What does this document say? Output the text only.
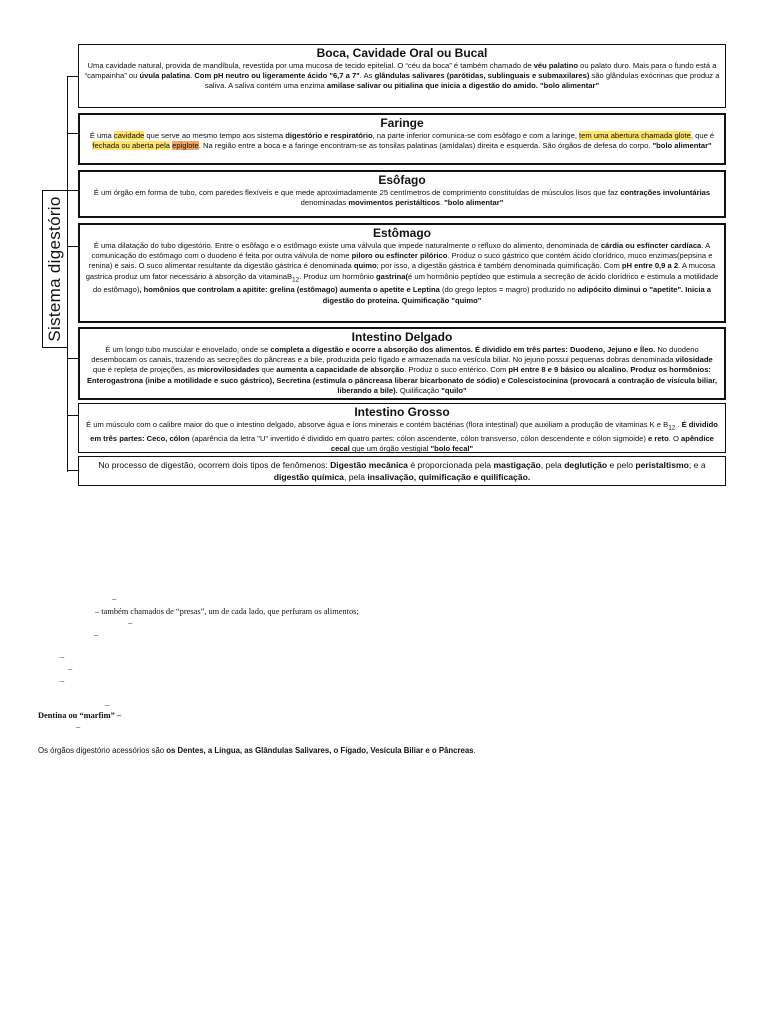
Sistema digestório
Boca, Cavidade Oral ou Bucal

Uma cavidade natural, provida de mandíbula, revestida por uma mucosa de tecido epitelial. O “céu da boca” é também chamado de véu palatino ou palato duro. Mais para o fundo está a “campainha” ou úvula palatina. Com pH neutro ou ligeramente ácido "6,7 a 7". As glândulas salivares (parótidas, sublinguais e submaxilares) são glândulas exócrinas que produz a saliva. A saliva contém uma enzima amilase salivar ou pitialina que inicia a digestão do amido. "bolo alimentar"

Faringe

É uma cavidade que serve ao mesmo tempo aos sistema digestório e respiratório, na parte inferior comunica-se com esôfago e com a laringe, tem uma abertura chamada glote, que é fechada ou aberta pela epiglote. Na região entre a boca e a faringe encontram-se as tonsilas palatinas (amídalas) direita e esquerda. São órgãos de defesa do corpo. "bolo alimentar"

Esôfago

É um órgão em forma de tubo, com paredes flexíveis e que mede aproximadamente 25 centímetros de comprimento constituídas de músculos lisos que faz contrações involuntárias denominadas movimentos peristálticos. "bolo alimentar"

Estômago

É uma dilatação do tubo digestório. Entre o esôfago e o estômago existe uma válvula que impede naturalmente o refluxo do alimento, denominada de cárdia ou esfíncter cardíaca. A comunicação do estômago com o duodeno é feita por outra válvula de nome piloro ou esfíncter pilórico. Produz o suco gástrico que contém ácido clorídrico, muco enzimas(pepsina e renina) e sais. O suco alimentar resultante da digestão gástrica é denominada quimo; por isso, a digestão gástrica é também denominada quimificação. Com pH entre 0,9 a 2. A mucosa gastrica produz um fator necessário à absorção da vitaminaB$_{12}$. Produz um hormônio gastrina(é um hormônio peptídeo que estimula a secreção de ácido clorídrico e estimula a motilidade do estômago), homônios que controlam a apitite: grelina (estômago) aumenta o apetite e Leptina (do grego leptos = magro) produzido no adipócito diminui o "apetite". Inicia a digestão do proteina. Quimificação "quimo"

Intestino Delgado

É um longo tubo muscular e enovelado, onde se completa a digestão e ocorre a absorção dos alimentos. É dividido em três partes: Duodeno, Jejuno e Íleo. No duodeno desembocam os canais, trazendo as secreções do pâncreas e a bile, produzida pelo fígado e armazenada na vesícula biliar. No jejuno possui pequenas dobras denominada vilosidade que é repleta de projeções, as microvilosidades que aumenta a capacidade de absorção. Produz o suco entérico. Com pH entre 8 e 9 básico ou alcalino. Produz os hormônios: Enterogastrona (inibe a motilidade e suco gástrico), Secretina (estimula o pâncreasa liberar bicarbonato de sódio) e Colescistocinina (provocará a contração de visícula biliar, liberando a bile). Quilificação "quilo"

Intestino Grosso

É um músculo com o calibre maior do que o intestino delgado, absorve água e íons minerais e contém bactérias (flora intestinal) que auxiliam a produção de vitaminas K e $B_{12}$ . É dividido em três partes: Ceco, cólon (aparência da letra "U" invertido é dividido em quatro partes: cólon ascendente, cólon transverso, cólon descendente e cólon sigmoide) e reto. O apêndice cecal que um órgão vestigial "bolo fecal"

No processo de digestão, ocorrem dois tipos de fenômenos: Digestão mecânica é proporcionada pela mastigação, pela deglutição e pelo peristaltismo; e a digestão química, pela insalivação, quimificação e quilificação.

–
– também chamados de “presas”, um de cada lado, que perfuram os alimentos;
–
–
–
–
–
–
Dentina ou “marfim” –
–
Os órgãos digestório acessórios são os Dentes, a Língua, as Glândulas Salivares, o Fígado, Vesícula Biliar e o Pâncreas.
